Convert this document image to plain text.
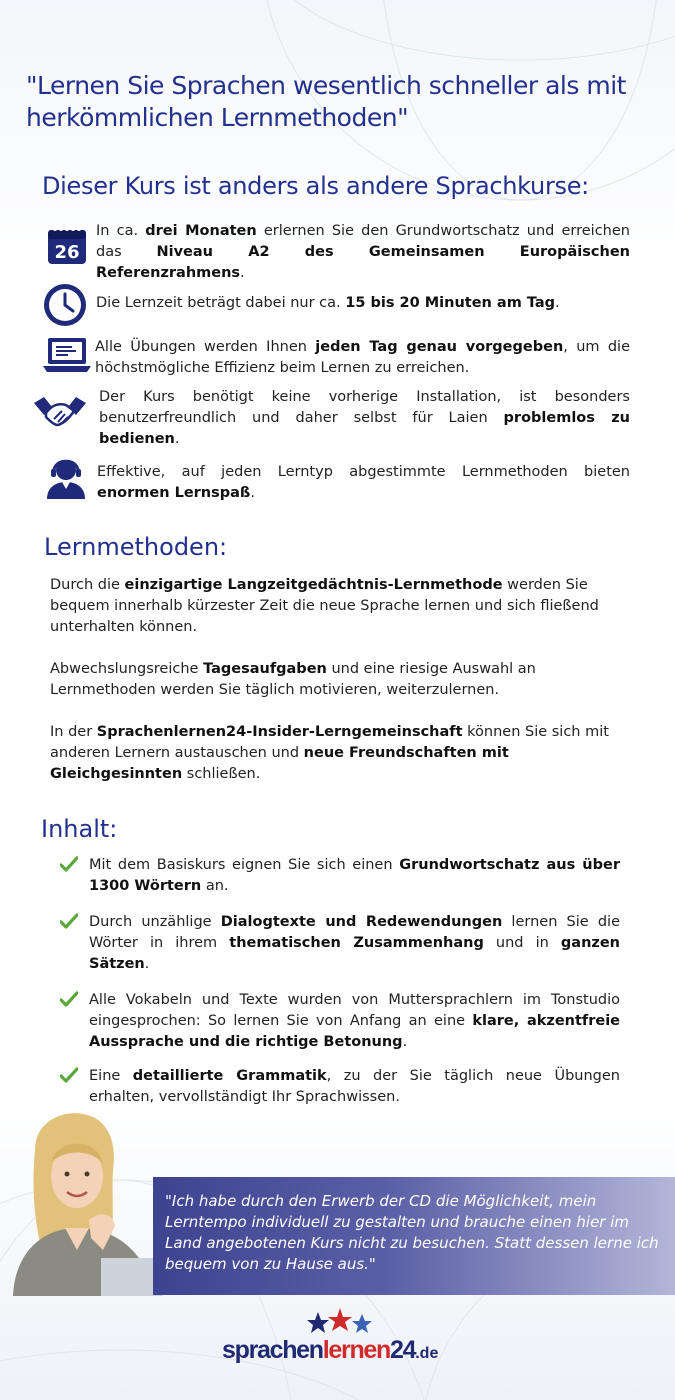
"Lernen Sie Sprachen wesentlich schneller als mit herkömmlichen Lernmethoden"
Dieser Kurs ist anders als andere Sprachkurse:
26

In ca. drei Monaten erlernen Sie den Grundwortschatz und erreichen das Niveau A2 des Gemeinsamen Europäischen Referenzrahmens.

Die Lernzeit beträgt dabei nur ca. 15 bis 20 Minuten am Tag.

Alle Übungen werden Ihnen jeden Tag genau vorgegeben, um die höchstmögliche Effizienz beim Lernen zu erreichen.

Der Kurs benötigt keine vorherige Installation, ist besonders benutzerfreundlich und daher selbst für Laien problemlos zu bedienen.

Effektive, auf jeden Lerntyp abgestimmte Lernmethoden bieten enormen Lernspaß.

Lernmethoden:

Durch die einzigartige Langzeitgedächtnis-Lernmethode werden Sie bequem innerhalb kürzester Zeit die neue Sprache lernen und sich fließend unterhalten können.

Abwechslungsreiche Tagesaufgaben und eine riesige Auswahl an Lernmethoden werden Sie täglich motivieren, weiterzulernen.

In der Sprachenlernen24-Insider-Lerngemeinschaft können Sie sich mit anderen Lernern austauschen und neue Freundschaften mit Gleichgesinnten schließen.

Inhalt:

Mit dem Basiskurs eignen Sie sich einen Grundwortschatz aus über 1300 Wörtern an.

Durch unzählige Dialogtexte und Redewendungen lernen Sie die Wörter in ihrem thematischen Zusammenhang und in ganzen Sätzen.

Alle Vokabeln und Texte wurden von Muttersprachlern im Tonstudio eingesprochen: So lernen Sie von Anfang an eine klare, akzentfreie Aussprache und die richtige Betonung.

Eine detaillierte Grammatik, zu der Sie täglich neue Übungen erhalten, vervollständigt Ihr Sprachwissen.

"Ich habe durch den Erwerb der CD die Möglichkeit, mein Lerntempo individuell zu gestalten und brauche einen hier im Land angebotenen Kurs nicht zu besuchen. Statt dessen lerne ich bequem von zu Hause aus."

sprachenlernen24.de
